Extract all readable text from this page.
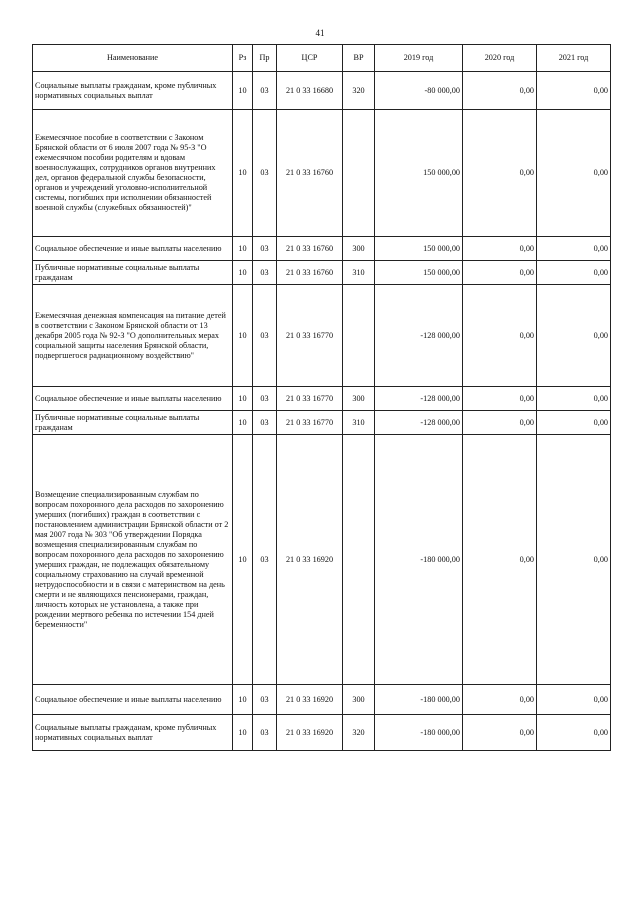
41
Наименование	Рз	Пр	ЦСР	ВР	2019 год	2020 год	2021 год
Социальные выплаты гражданам, кроме публичных нормативных социальных выплат	10	03	21 0 33 16680	320	-80 000,00	0,00	0,00
Ежемесячное пособие в соответствии с Законом Брянской области от 6 июля 2007 года № 95-З "О ежемесячном пособии родителям и вдовам военнослужащих, сотрудников органов внутренних дел, органов федеральной службы безопасности, органов и учреждений уголовно-исполнительной системы, погибших при исполнении обязанностей военной службы (служебных обязанностей)"	10	03	21 0 33 16760		150 000,00	0,00	0,00
Социальное обеспечение и иные выплаты населению	10	03	21 0 33 16760	300	150 000,00	0,00	0,00
Публичные нормативные социальные выплаты гражданам	10	03	21 0 33 16760	310	150 000,00	0,00	0,00
Ежемесячная денежная компенсация на питание детей в соответствии с Законом Брянской области от 13 декабря 2005 года № 92-З "О дополнительных мерах социальной защиты населения Брянской области, подвергшегося радиационному воздействию"	10	03	21 0 33 16770		-128 000,00	0,00	0,00
Социальное обеспечение и иные выплаты населению	10	03	21 0 33 16770	300	-128 000,00	0,00	0,00
Публичные нормативные социальные выплаты гражданам	10	03	21 0 33 16770	310	-128 000,00	0,00	0,00
Возмещение специализированным службам по вопросам похоронного дела расходов по захоронению умерших (погибших) граждан в соответствии с постановлением администрации Брянской области от 2 мая 2007 года № 303 "Об утверждении Порядка возмещения специализированным службам по вопросам похоронного дела расходов по захоронению умерших граждан, не подлежащих обязательному социальному страхованию на случай временной нетрудоспособности и в связи с материнством на день смерти и не являющихся пенсионерами, граждан, личность которых не установлена, а также при рождении мертвого ребенка по истечении 154 дней беременности"	10	03	21 0 33 16920		-180 000,00	0,00	0,00
Социальное обеспечение и иные выплаты населению	10	03	21 0 33 16920	300	-180 000,00	0,00	0,00
Социальные выплаты гражданам, кроме публичных нормативных социальных выплат	10	03	21 0 33 16920	320	-180 000,00	0,00	0,00
